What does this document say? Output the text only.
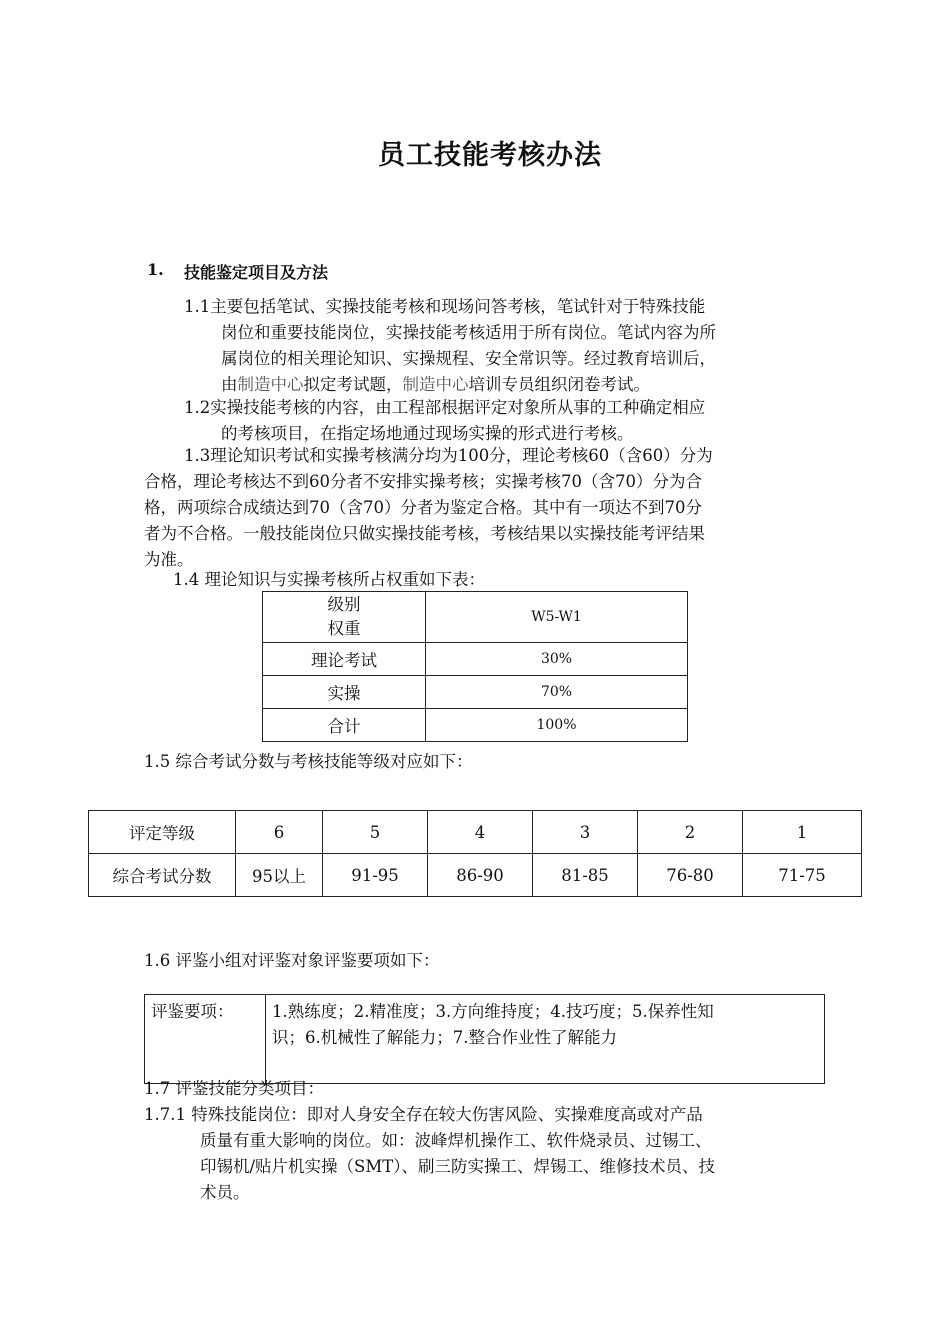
员工技能考核办法
1. 技能鉴定项目及方法
1.1主要包括笔试、实操技能考核和现场问答考核，笔试针对于特殊技能
岗位和重要技能岗位，实操技能考核适用于所有岗位。笔试内容为所
属岗位的相关理论知识、实操规程、安全常识等。经过教育培训后，
由制造中心拟定考试题，制造中心培训专员组织闭卷考试。
1.2实操技能考核的内容，由工程部根据评定对象所从事的工种确定相应
的考核项目，在指定场地通过现场实操的形式进行考核。
1.3理论知识考试和实操考核满分均为100分，理论考核60（含60）分为
合格，理论考核达不到60分者不安排实操考核；实操考核70（含70）分为合
格，两项综合成绩达到70（含70）分者为鉴定合格。其中有一项达不到70分
者为不合格。一般技能岗位只做实操技能考核，考核结果以实操技能考评结果
为准。
1.4 理论知识与实操考核所占权重如下表：
级别
权重	W5-W1
理论考试	30%
实操	70%
合计	100%
1.5 综合考试分数与考核技能等级对应如下：
评定等级	6	5	4	3	2	1
综合考试分数	95以上	91-95	86-90	81-85	76-80	71-75
1.6 评鉴小组对评鉴对象评鉴要项如下：
评鉴要项：	1.熟练度；2.精准度；3.方向维持度；4.技巧度；5.保养性知
识；6.机械性了解能力；7.整合作业性了解能力
1.7 评鉴技能分类项目：
1.7.1 特殊技能岗位：即对人身安全存在较大伤害风险、实操难度高或对产品
质量有重大影响的岗位。如：波峰焊机操作工、软件烧录员、过锡工、
印锡机/贴片机实操（SMT）、刷三防实操工、焊锡工、维修技术员、技
术员。
